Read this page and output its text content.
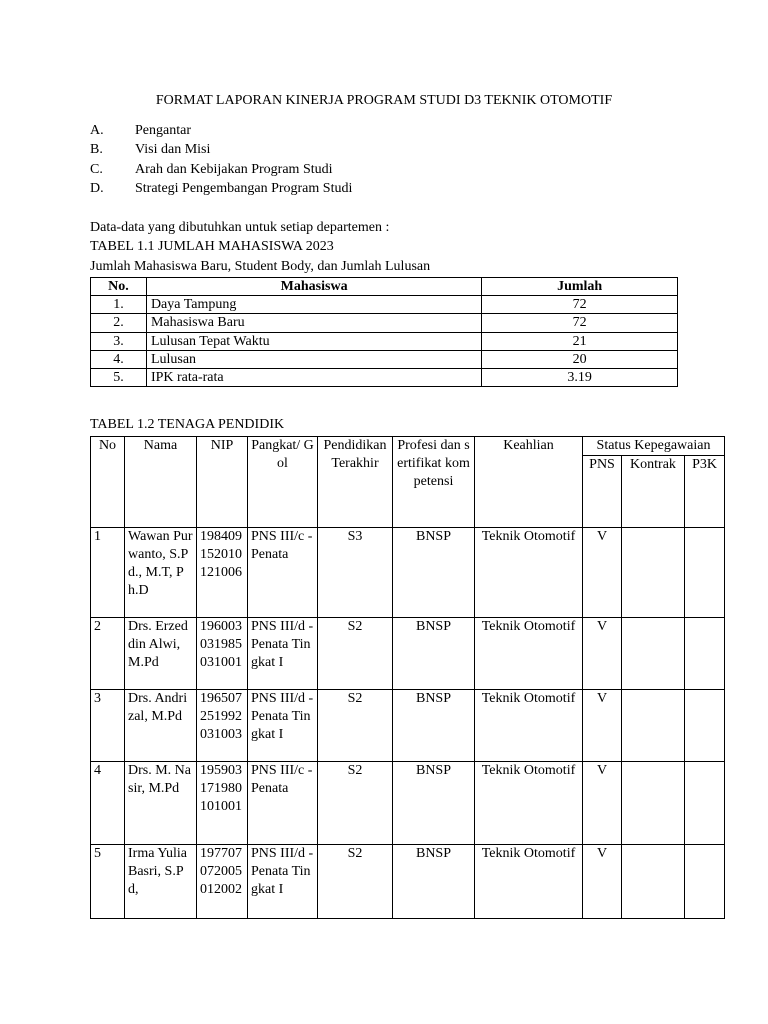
FORMAT LAPORAN KINERJA PROGRAM STUDI D3 TEKNIK OTOMOTIF
A.	Pengantar
B.	Visi dan Misi
C.	Arah dan Kebijakan Program Studi
D.	Strategi Pengembangan Program Studi
Data-data yang dibutuhkan untuk setiap departemen :
TABEL 1.1 JUMLAH MAHASISWA 2023
Jumlah Mahasiswa Baru, Student Body, dan Jumlah Lulusan
No.	Mahasiswa	Jumlah
1.	Daya Tampung	72
2.	Mahasiswa Baru	72
3.	Lulusan Tepat Waktu	21
4.	Lulusan	20
5.	IPK rata-rata	3.19
TABEL 1.2 TENAGA PENDIDIK
No	Nama	NIP	Pangkat/ Gol	Pendidikan Terakhir	Profesi dan sertifikat kompetensi	Keahlian	Status Kepegawaian		
							PNS	Kontrak	P3K
1	Wawan Purwanto, S.Pd., M.T, Ph.D	198409152010121006	PNS III/c - Penata	S3	BNSP	Teknik Otomotif	V		
2	Drs. Erzeddin Alwi, M.Pd	196003031985031001	PNS III/d - Penata Tingkat I	S2	BNSP	Teknik Otomotif	V		
3	Drs. Andrizal, M.Pd	196507251992031003	PNS III/d - Penata Tingkat I	S2	BNSP	Teknik Otomotif	V		
4	Drs. M. Nasir, M.Pd	195903171980101001	PNS III/c - Penata	S2	BNSP	Teknik Otomotif	V		
5	Irma Yulia Basri, S.Pd,	197707072005012002	PNS III/d - Penata Tingkat I	S2	BNSP	Teknik Otomotif	V		
